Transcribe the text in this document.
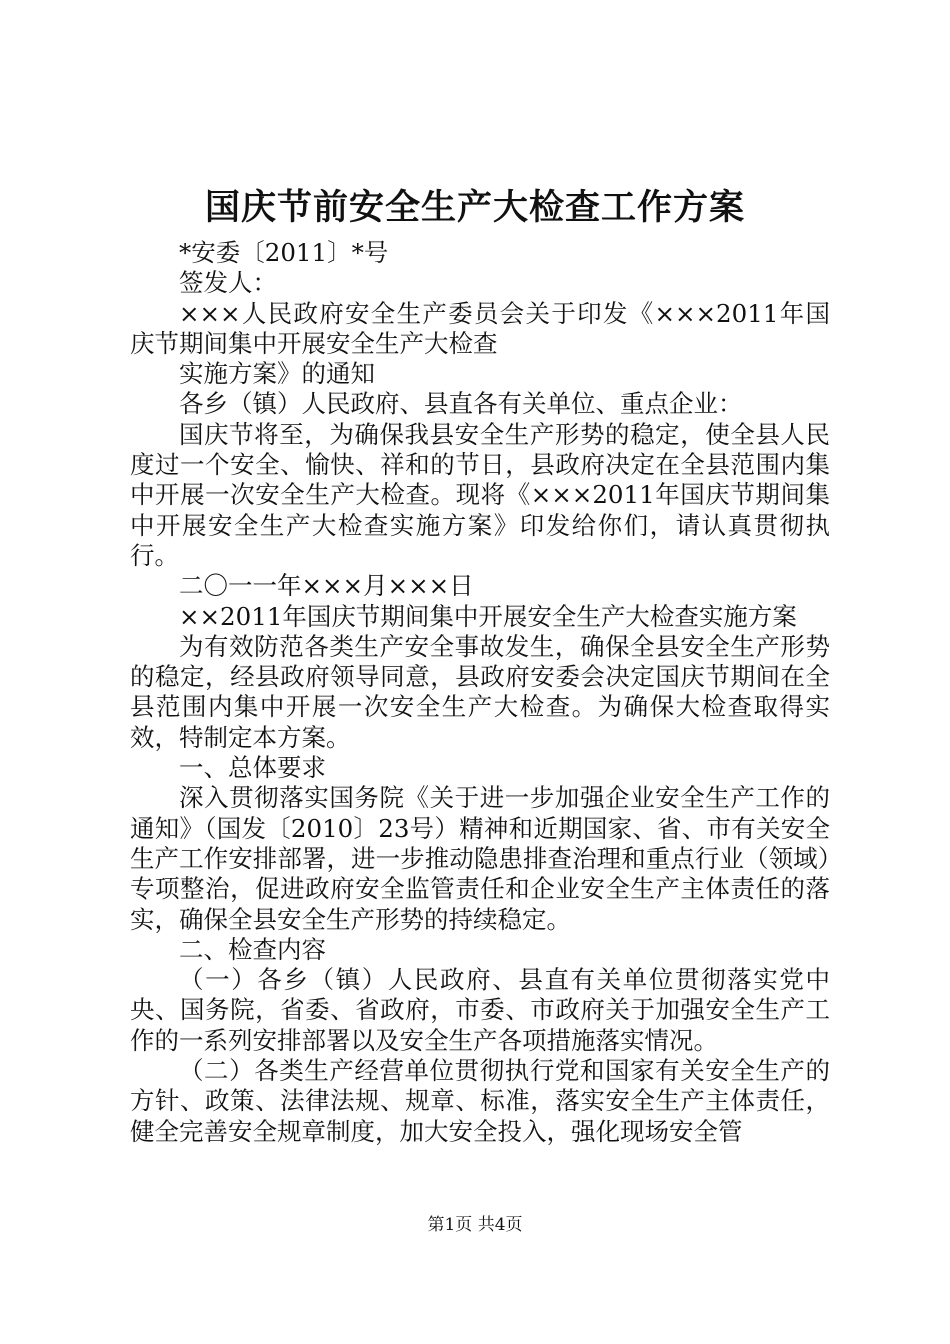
国庆节前安全生产大检查工作方案

*安委〔2011〕*号

签发人：

×××人民政府安全生产委员会关于印发《×××2011年国庆节期间集中开展安全生产大检查

实施方案》的通知

各乡（镇）人民政府、县直各有关单位、重点企业：

国庆节将至，为确保我县安全生产形势的稳定，使全县人民度过一个安全、愉快、祥和的节日，县政府决定在全县范围内集中开展一次安全生产大检查。现将《×××2011年国庆节期间集中开展安全生产大检查实施方案》印发给你们，请认真贯彻执行。

二〇一一年×××月×××日

××2011年国庆节期间集中开展安全生产大检查实施方案

为有效防范各类生产安全事故发生，确保全县安全生产形势的稳定，经县政府领导同意，县政府安委会决定国庆节期间在全县范围内集中开展一次安全生产大检查。为确保大检查取得实效，特制定本方案。

一、总体要求

深入贯彻落实国务院《关于进一步加强企业安全生产工作的通知》（国发〔2010〕23号）精神和近期国家、省、市有关安全生产工作安排部署，进一步推动隐患排查治理和重点行业（领域）专项整治，促进政府安全监管责任和企业安全生产主体责任的落实，确保全县安全生产形势的持续稳定。

二、检查内容

（一）各乡（镇）人民政府、县直有关单位贯彻落实党中央、国务院，省委、省政府，市委、市政府关于加强安全生产工作的一系列安排部署以及安全生产各项措施落实情况。

（二）各类生产经营单位贯彻执行党和国家有关安全生产的方针、政策、法律法规、规章、标准，落实安全生产主体责任，健全完善安全规章制度，加大安全投入，强化现场安全管

第1页 共4页
